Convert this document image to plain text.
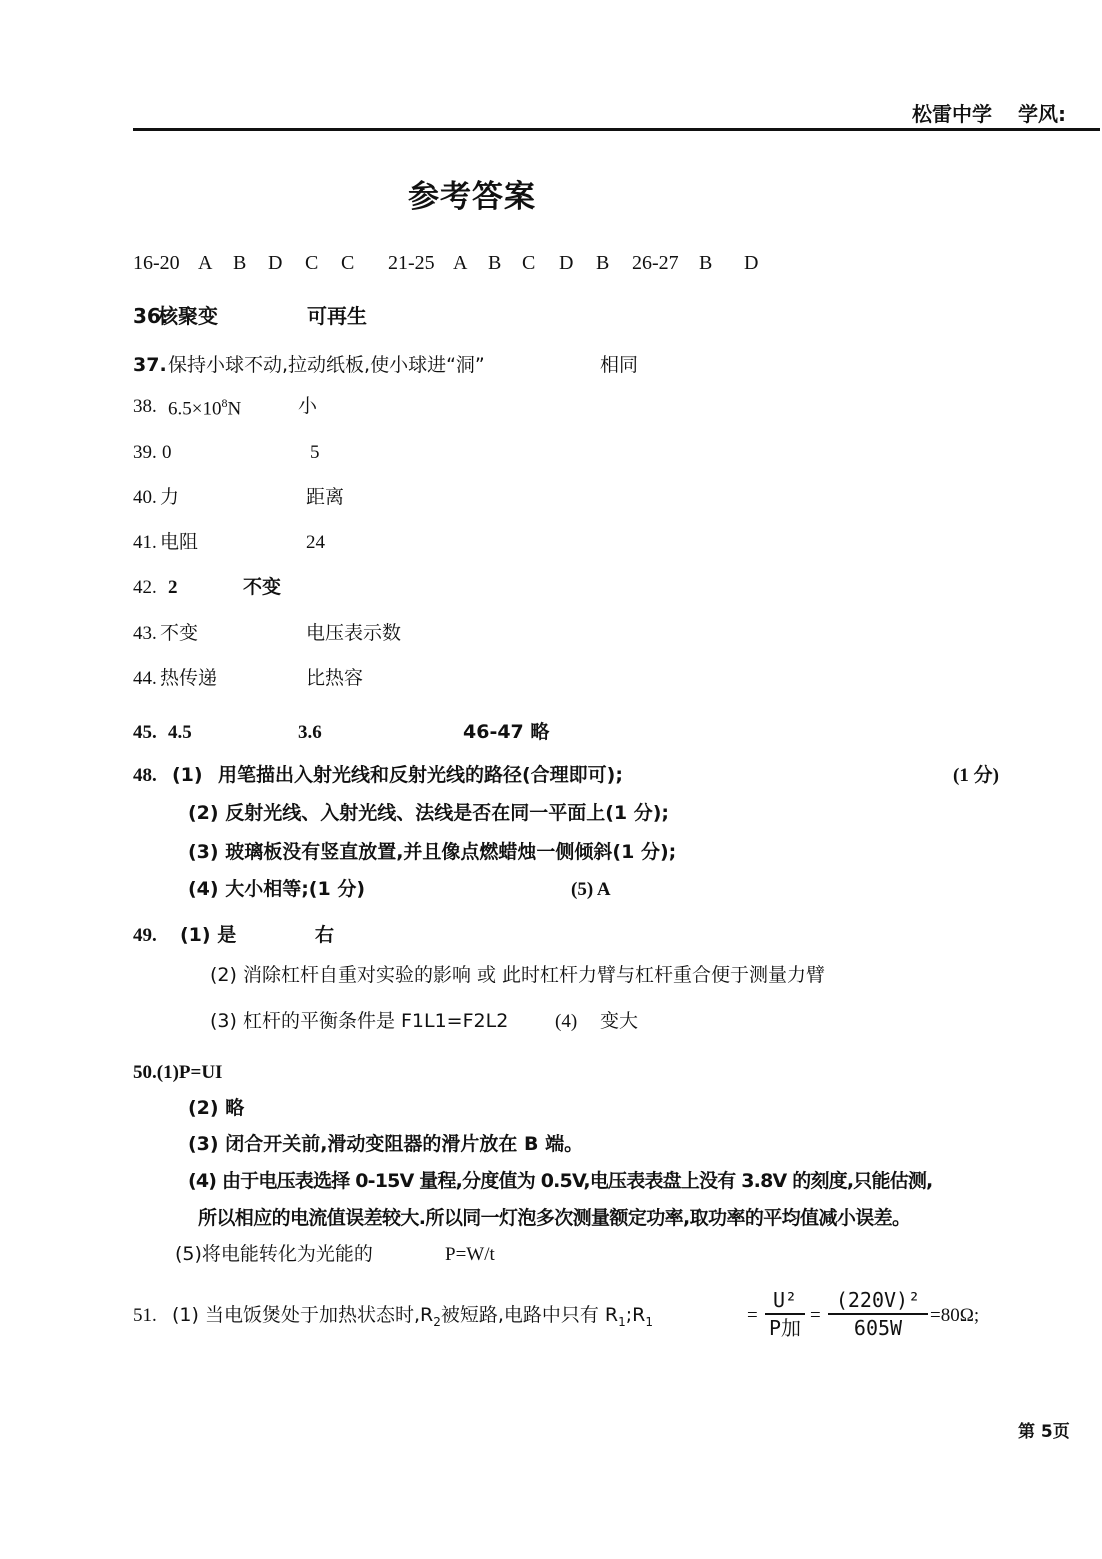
松雷中学 学风:
参考答案
16-20 A B D C C 21-25 A B C D B 26-27 B D
36.
核聚变	可再生
37. 保持小球不动,拉动纸板,使小球进“洞”	相同
38. $6.5\times 10^8N$	小
39. 0	5
40. 力	距离
41. 电阻	24
42. 2	不变
43. 不变	电压表示数
44. 热传递	比热容
45. 4.5	3.6	46-47 略
48. (1) 用笔描出入射光线和反射光线的路径(合理即可);	(1 分)
(2) 反射光线、入射光线、法线是否在同一平面上(1 分);
(3) 玻璃板没有竖直放置,并且像点燃蜡烛一侧倾斜(1 分);
(4) 大小相等;(1 分)	(5) A
49. (1) 是	右
(2) 消除杠杆自重对实验的影响 或 此时杠杆力臂与杠杆重合便于测量力臂
(3) 杠杆的平衡条件是 F1L1=F2L2 (4) 变大
50.(1)P=UI
(2) 略
(3) 闭合开关前,滑动变阻器的滑片放在 B 端。
(4) 由于电压表选择 0-15V 量程,分度值为 0.5V,电压表表盘上没有 3.8V 的刻度,只能估测,
所以相应的电流值误差较大.所以同一灯泡多次测量额定功率,取功率的平均值减小误差。
(5)将电能转化为光能的	P=W/t
51. (1) 当电饭煲处于加热状态时$,R_2$被短路,电路中只有 $R_1;R_1$	=
U²
P加 =
(220V)²
605W	=80Ω;
第 5页
